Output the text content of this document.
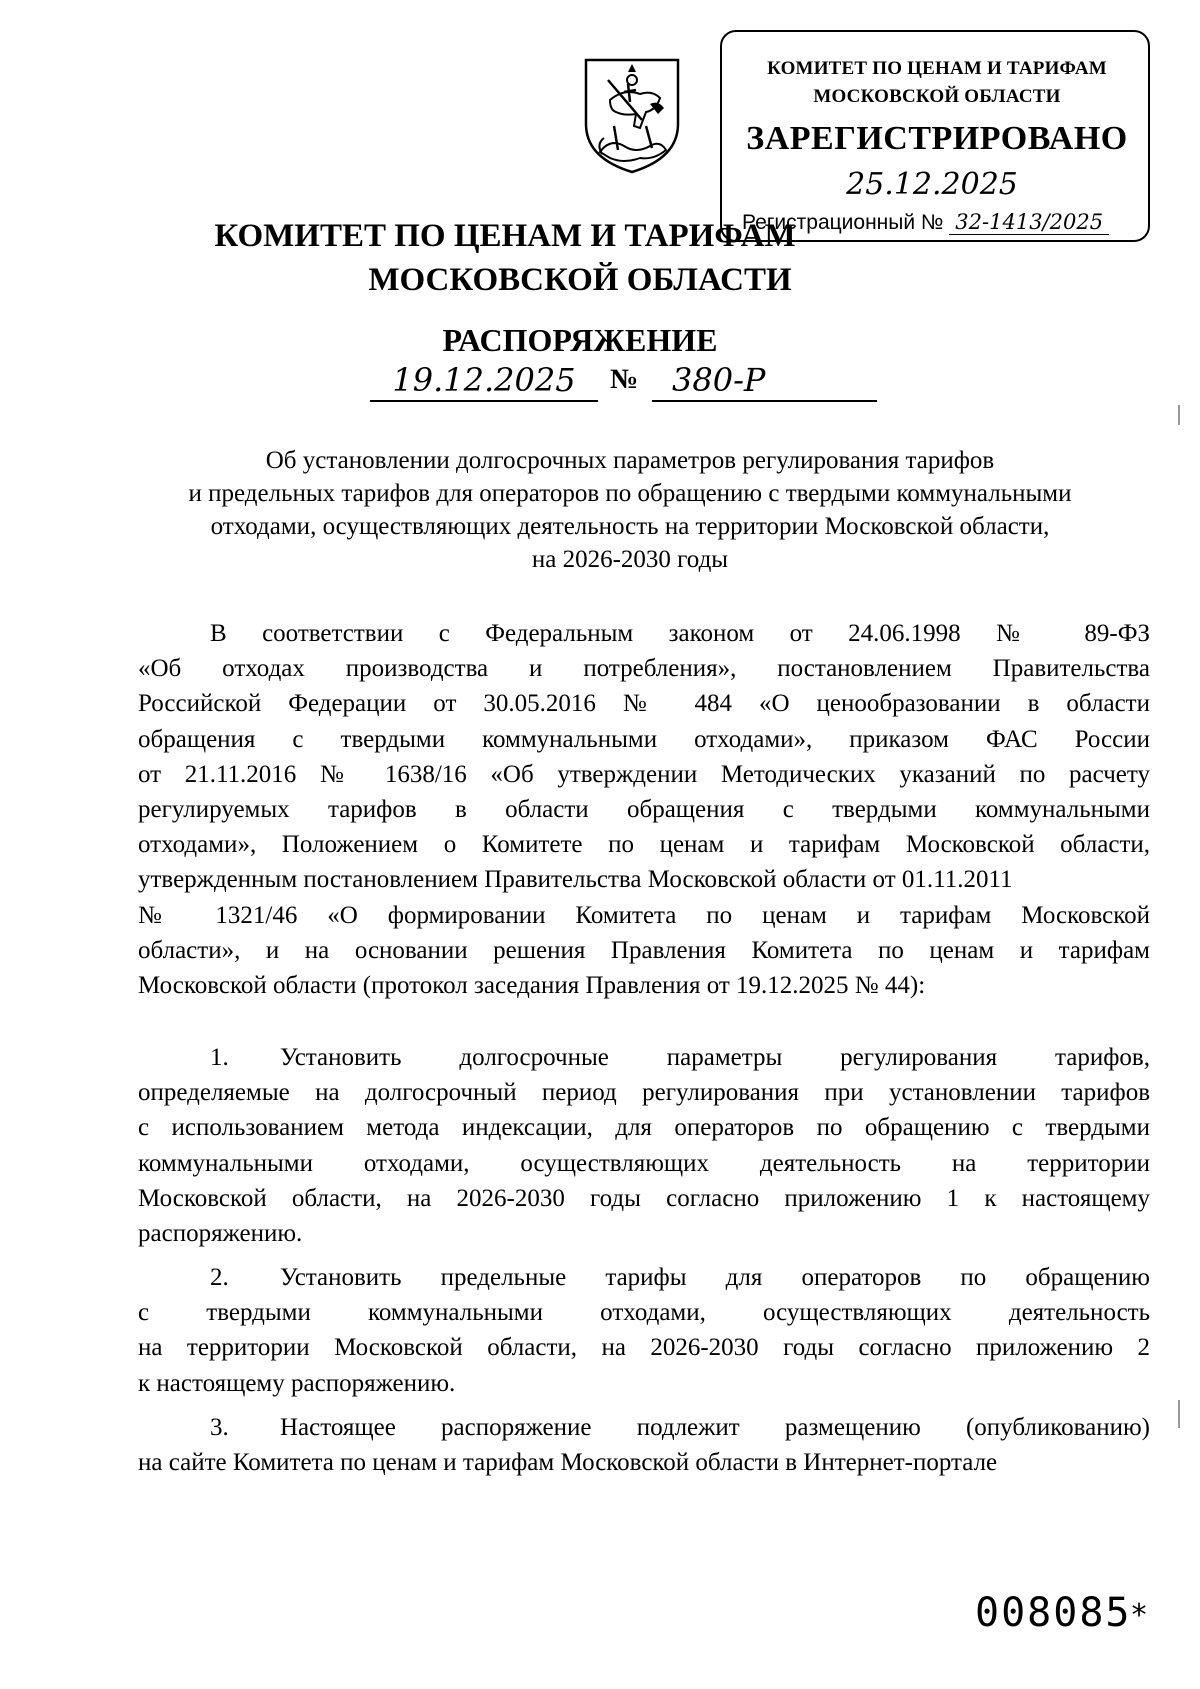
КОМИТЕТ ПО ЦЕНАМ И ТАРИФАМ
МОСКОВСКОЙ ОБЛАСТИ
ЗАРЕГИСТРИРОВАНО
25.12.2025
Регистрационный № 32-1413/2025
КОМИТЕТ ПО ЦЕНАМ И ТАРИФАМ
МОСКОВСКОЙ ОБЛАСТИ
РАСПОРЯЖЕНИЕ
19.12.2025	№	380-Р
Об установлении долгосрочных параметров регулирования тарифов
и предельных тарифов для операторов по обращению с твердыми коммунальными
отходами, осуществляющих деятельность на территории Московской области,
на 2026-2030 годы
В соответствии с Федеральным законом от 24.06.1998 № 89-ФЗ
«Об отходах производства и потребления», постановлением Правительства
Российской Федерации от 30.05.2016 № 484 «О ценообразовании в области
обращения с твердыми коммунальными отходами», приказом ФАС России
от 21.11.2016 № 1638/16 «Об утверждении Методических указаний по расчету
регулируемых тарифов в области обращения с твердыми коммунальными
отходами», Положением о Комитете по ценам и тарифам Московской области,
утвержденным постановлением Правительства Московской области от 01.11.2011
№ 1321/46 «О формировании Комитета по ценам и тарифам Московской
области», и на основании решения Правления Комитета по ценам и тарифам
Московской области (протокол заседания Правления от 19.12.2025 № 44):
1. Установить долгосрочные параметры регулирования тарифов,
определяемые на долгосрочный период регулирования при установлении тарифов
с использованием метода индексации, для операторов по обращению с твердыми
коммунальными отходами, осуществляющих деятельность на территории
Московской области, на 2026-2030 годы согласно приложению 1 к настоящему
распоряжению.
2. Установить предельные тарифы для операторов по обращению
с твердыми коммунальными отходами, осуществляющих деятельность
на территории Московской области, на 2026-2030 годы согласно приложению 2
к настоящему распоряжению.
3. Настоящее распоряжение подлежит размещению (опубликованию)
на сайте Комитета по ценам и тарифам Московской области в Интернет-портале
008085
*
